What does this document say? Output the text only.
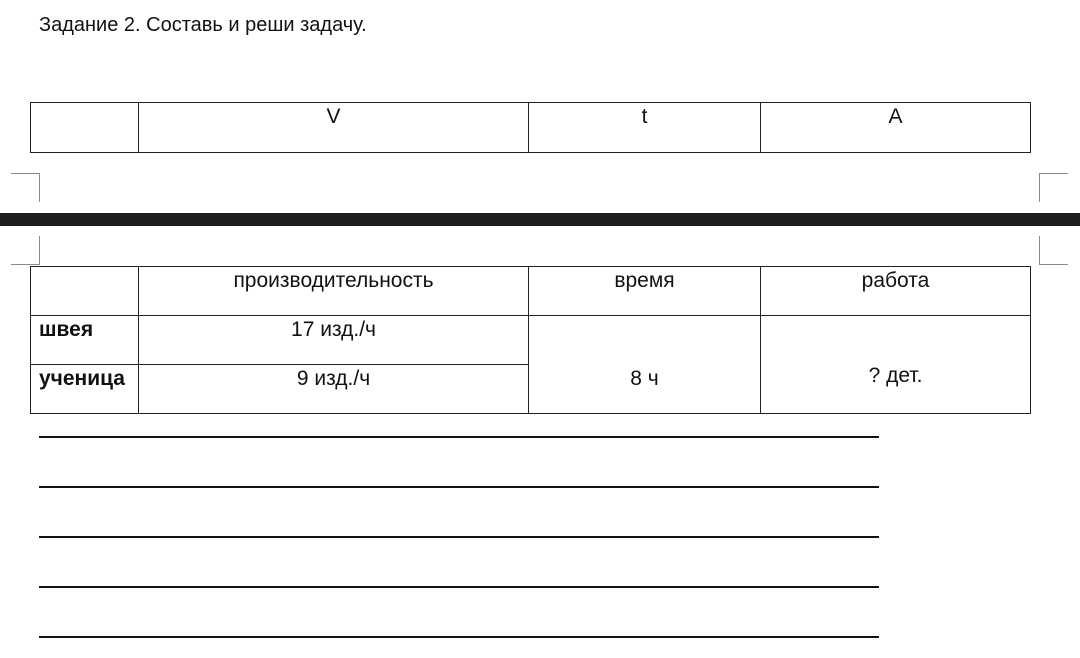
Задание 2. Составь и реши задачу.
	V	t	A
	производительность	время	работа
швея	17 изд./ч	8 ч	? дет.
ученица	9 изд./ч		
